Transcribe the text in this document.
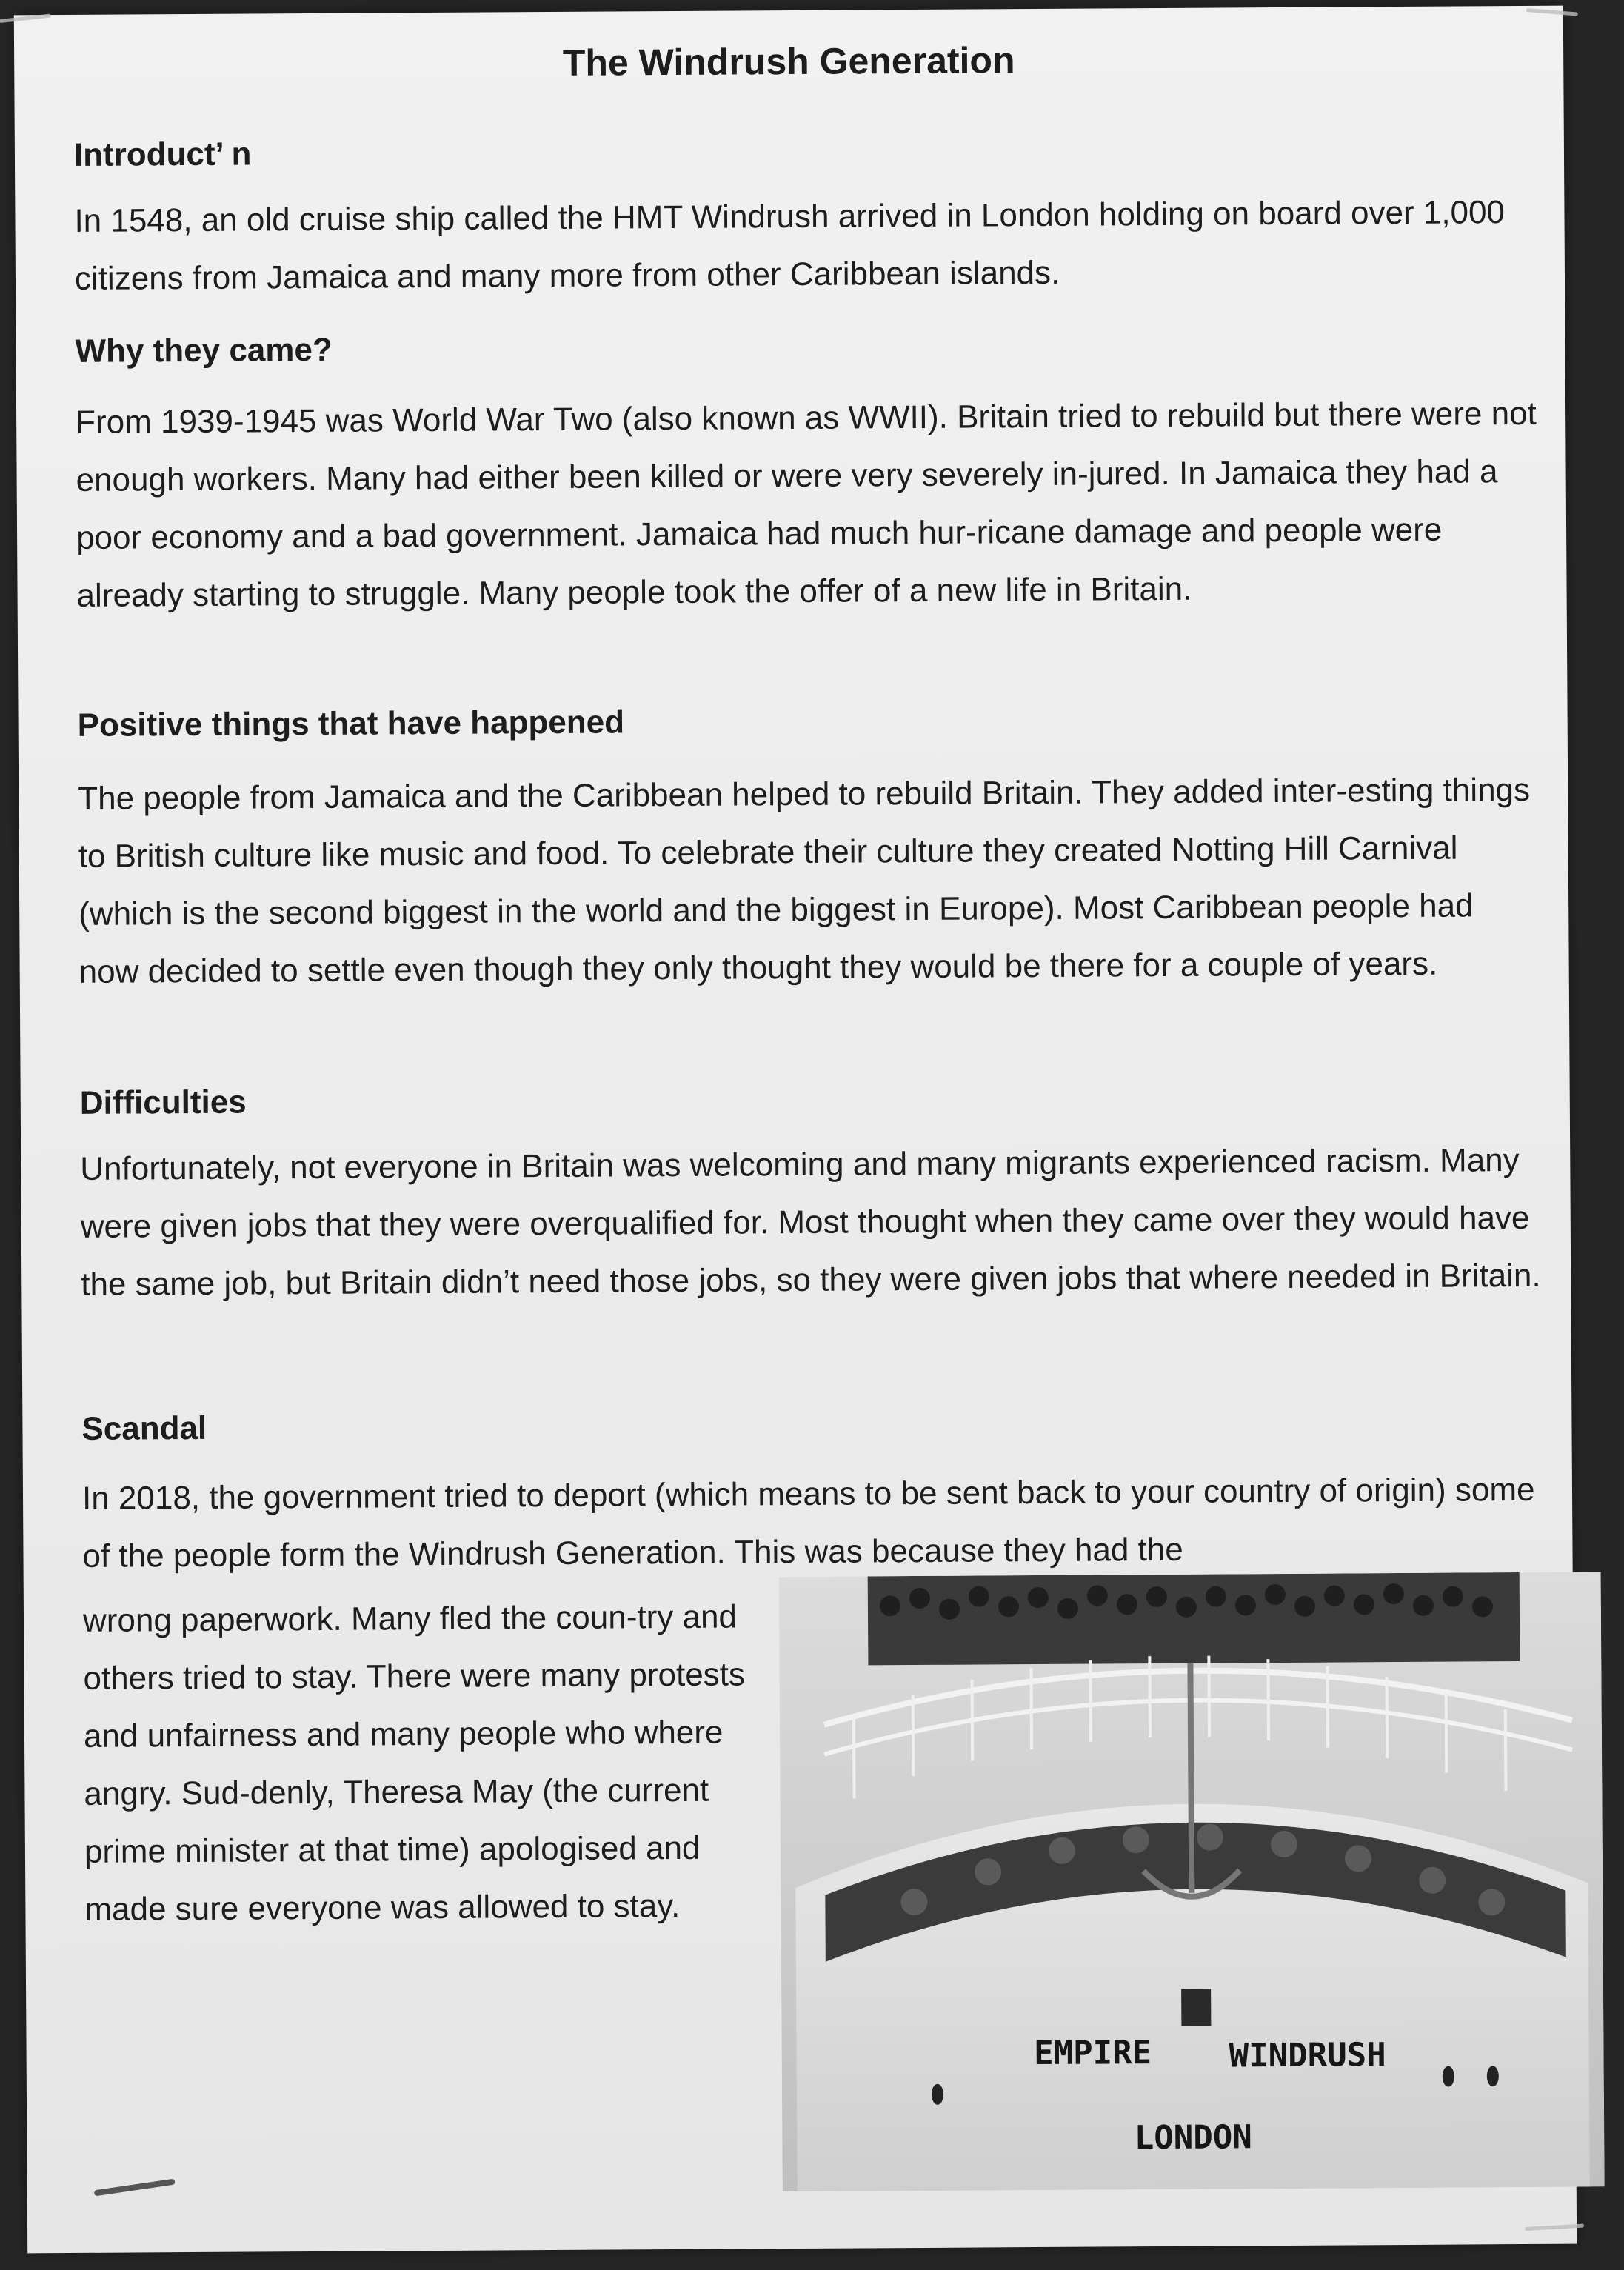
The Windrush Generation
Introduct’ n
In 1​548, an old cruise ship called the HMT Windrush arrived in London holding on board over 1,000 citizens from Jamaica and many more from other Caribbean islands.
Why they came?
From 1939-1945 was World War Two (also known as WWII). Britain tried to rebuild but there were not enough workers. Many had either been killed or were very severely in-jured. In Jamaica they had a poor economy and a bad government. Jamaica had much hur-ricane damage and people were already starting to struggle. Many people took the offer of a new life in Britain.
Positive things that have happened
The people from Jamaica and the Caribbean helped to rebuild Britain. They added inter-esting things to British culture like music and food. To celebrate their culture they created Notting Hill Carnival (which is the second biggest in the world and the biggest in Europe). Most Caribbean people had now decided to settle even though they only thought they would be there for a couple of years.
Difficulties
Unfortunately, not everyone in Britain was welcoming and many migrants experienced racism. Many were given jobs that they were overqualified for. Most thought when they came over they would have the same job, but Britain didn’t need those jobs, so they were given jobs that where needed in Britain.
Scandal
In 2018, the government tried to deport (which means to be sent back to your country of origin) some of the people form the Windrush Generation. This was because they had the
wrong paperwork. Many fled the coun-try and others tried to stay. There were many protests and unfairness and many people who where angry. Sud-denly, Theresa May (the current prime minister at that time) apologised and made sure everyone was allowed to stay.
EMPIRE WINDRUSH
LONDON
